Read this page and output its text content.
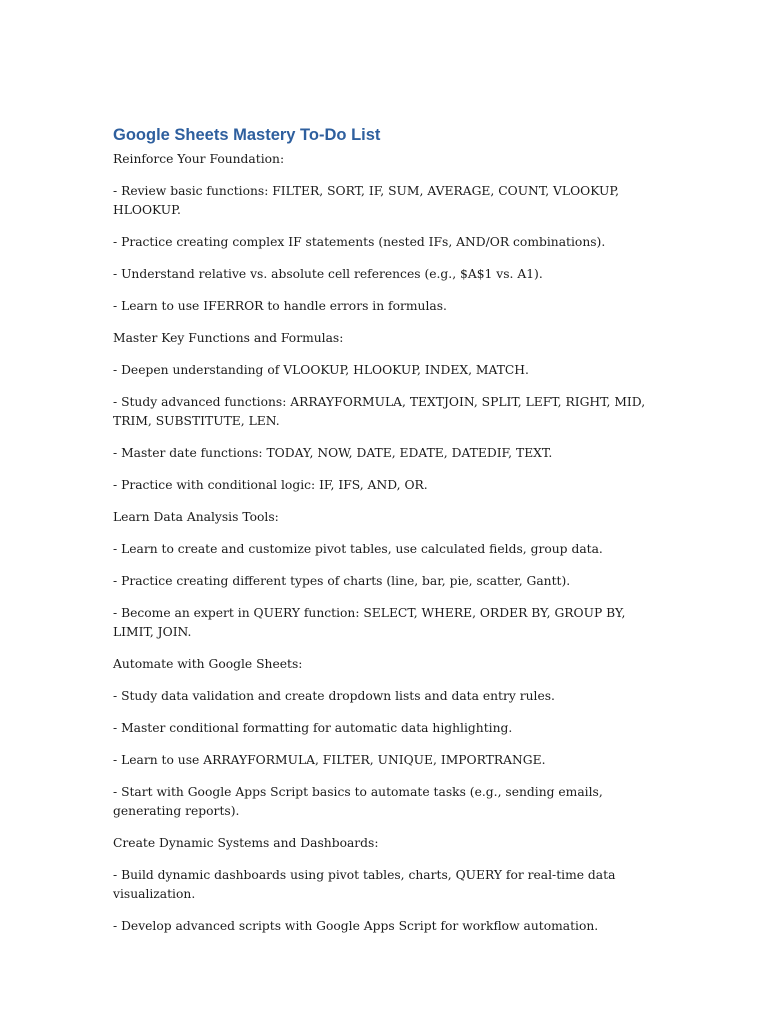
Google Sheets Mastery To-Do List

Reinforce Your Foundation:

- Review basic functions: FILTER, SORT, IF, SUM, AVERAGE, COUNT, VLOOKUP, HLOOKUP.

- Practice creating complex IF statements (nested IFs, AND/OR combinations).

- Understand relative vs. absolute cell references (e.g., $A$1 vs. A1).

- Learn to use IFERROR to handle errors in formulas.

Master Key Functions and Formulas:

- Deepen understanding of VLOOKUP, HLOOKUP, INDEX, MATCH.

- Study advanced functions: ARRAYFORMULA, TEXTJOIN, SPLIT, LEFT, RIGHT, MID, TRIM, SUBSTITUTE, LEN.

- Master date functions: TODAY, NOW, DATE, EDATE, DATEDIF, TEXT.

- Practice with conditional logic: IF, IFS, AND, OR.

Learn Data Analysis Tools:

- Learn to create and customize pivot tables, use calculated fields, group data.

- Practice creating different types of charts (line, bar, pie, scatter, Gantt).

- Become an expert in QUERY function: SELECT, WHERE, ORDER BY, GROUP BY, LIMIT, JOIN.

Automate with Google Sheets:

- Study data validation and create dropdown lists and data entry rules.

- Master conditional formatting for automatic data highlighting.

- Learn to use ARRAYFORMULA, FILTER, UNIQUE, IMPORTRANGE.

- Start with Google Apps Script basics to automate tasks (e.g., sending emails, generating reports).

Create Dynamic Systems and Dashboards:

- Build dynamic dashboards using pivot tables, charts, QUERY for real-time data visualization.

- Develop advanced scripts with Google Apps Script for workflow automation.
